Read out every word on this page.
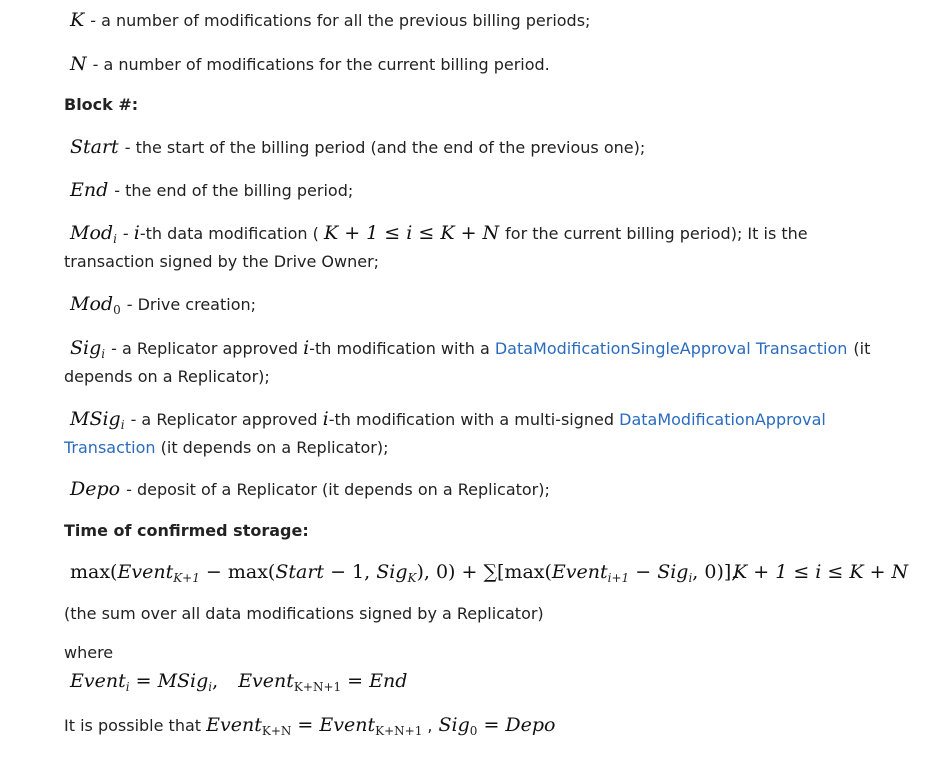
K - a number of modifications for all the previous billing periods;
N - a number of modifications for the current billing period.
Block #:
Start - the start of the billing period (and the end of the previous one);
End - the end of the billing period;
Mod$_i$ - i-th data modification ( K + 1 ≤ i ≤ K + N for the current billing period); It is the
transaction signed by the Drive Owner;
Mod$_0$ - Drive creation;
Sig$_i$ - a Replicator approved i-th modification with a DataModificationSingleApproval Transaction (it
depends on a Replicator);
MSig$_i$ - a Replicator approved i-th modification with a multi-signed DataModificationApproval
Transaction (it depends on a Replicator);
Depo - deposit of a Replicator (it depends on a Replicator);
Time of confirmed storage:
max(Event$_{K+1}$ − max(Start − 1, Sig$_K$), 0) + ∑[max(Event$_{i+1}$ − Sig$_i$, 0)],
K + 1 ≤ i ≤ K + N
(the sum over all data modifications signed by a Replicator)
where
Event$_i$ = MSig$_i$, Event$_{K+N+1}$ = End
It is possible that Event$_{K+N}$ = Event$_{K+N+1}$ , Sig$_0$ = Depo
